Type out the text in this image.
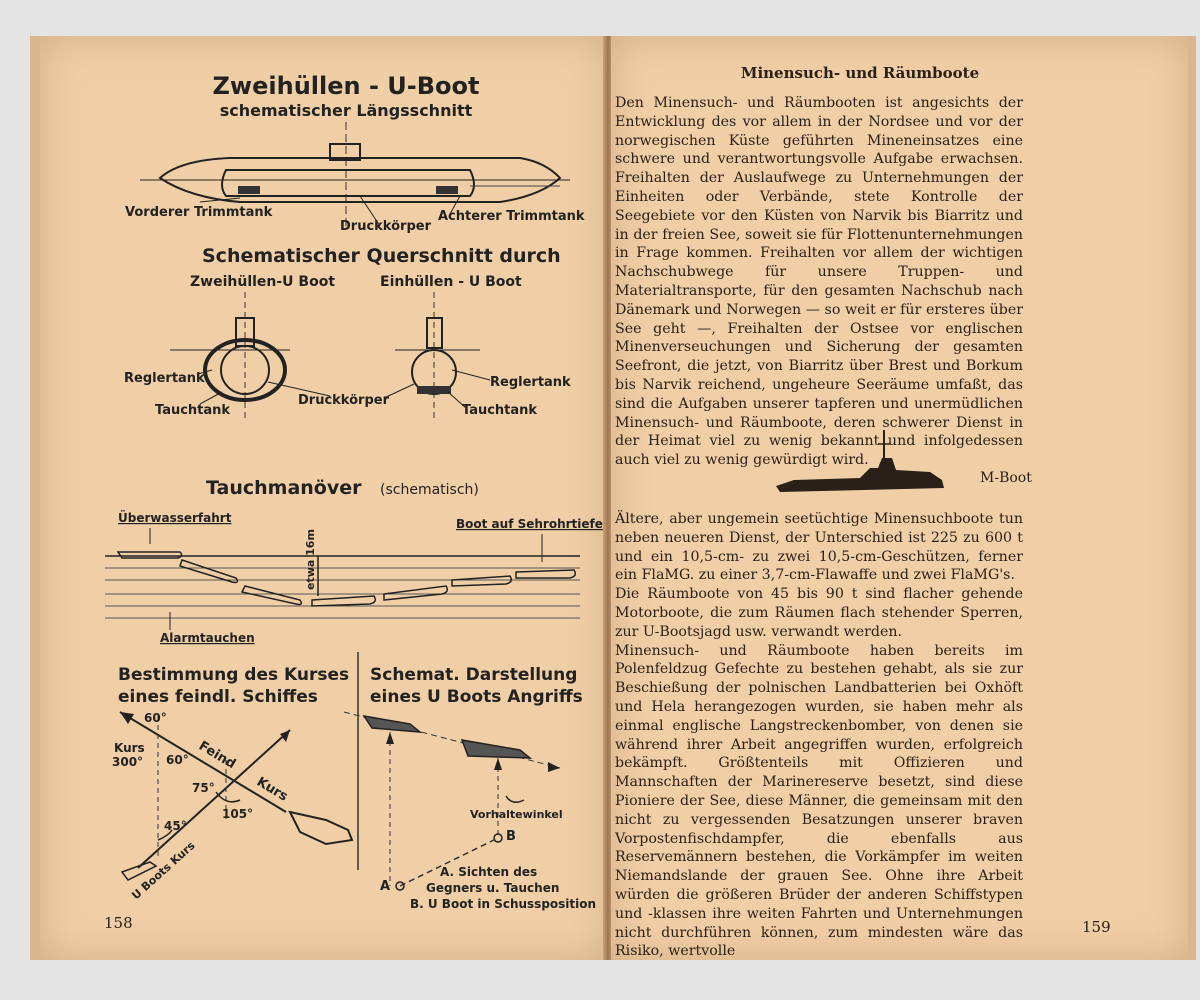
Zweihüllen - U-Boot
schematischer Längsschnitt
Vorderer Trimmtank
Druckkörper
Achterer Trimmtank
Schematischer Querschnitt durch
Zweihüllen-U Boot	Einhüllen - U Boot
Reglertank
Tauchtank
Druckkörper
Reglertank
Tauchtank
Tauchmanöver (schematisch)
Überwasserfahrt	Boot auf Sehrohrtiefe
etwa 16m
Alarmtauchen
Bestimmung des Kurses
eines feindl. Schiffes
60°
Kurs
300° 60° Feind
75°	Kurs
105°
45°
U Boots Kurs
Schemat. Darstellung
eines U Boots Angriffs
Vorhaltewinkel
B
A. Sichten des
Gegners u. Tauchen
A
B. U Boot in Schussposition
158
Minensuch- und Räumboote

Den Minensuch- und Räumbooten ist angesichts der Entwicklung des vor allem in der Nordsee und vor der norwegischen Küste geführten Mineneinsatzes eine schwere und verantwortungsvolle Aufgabe erwachsen. Freihalten der Auslaufwege zu Unternehmungen der Einheiten oder Verbände, stete Kontrolle der Seegebiete vor den Küsten von Narvik bis Biarritz und in der freien See, soweit sie für Flottenunternehmungen in Frage kommen. Freihalten vor allem der wichtigen Nachschubwege für unsere Truppen- und Materialtransporte, für den gesamten Nachschub nach Dänemark und Norwegen — so weit er für ersteres über See geht —, Freihalten der Ostsee vor englischen Minenverseuchungen und Sicherung der gesamten Seefront, die jetzt, von Biarritz über Brest und Borkum bis Narvik reichend, ungeheure Seeräume umfaßt, das sind die Aufgaben unserer tapferen und unermüdlichen Minensuch- und Räumboote, deren schwerer Dienst in der Heimat viel zu wenig bekannt und infolgedessen auch viel zu wenig gewürdigt wird.

M-Boot

Ältere, aber ungemein seetüchtige Minensuchboote tun neben neueren Dienst, der Unterschied ist 225 zu 600 t und ein 10,5-cm- zu zwei 10,5-cm-Geschützen, ferner ein FlaMG. zu einer 3,7-cm-Flawaffe und zwei FlaMG's.

Die Räumboote von 45 bis 90 t sind flacher gehende Motorboote, die zum Räumen flach stehender Sperren, zur U-Bootsjagd usw. verwandt werden.

Minensuch- und Räumboote haben bereits im Polenfeldzug Gefechte zu bestehen gehabt, als sie zur Beschießung der polnischen Landbatterien bei Oxhöft und Hela herangezogen wurden, sie haben mehr als einmal englische Langstreckenbomber, von denen sie während ihrer Arbeit angegriffen wurden, erfolgreich bekämpft. Größtenteils mit Offizieren und Mannschaften der Marinereserve besetzt, sind diese Pioniere der See, diese Männer, die gemeinsam mit den nicht zu vergessenden Besatzungen unserer braven Vorpostenfischdampfer, die ebenfalls aus Reservemännern bestehen, die Vorkämpfer im weiten Niemandslande der grauen See. Ohne ihre Arbeit würden die größeren Brüder der anderen Schiffstypen und -klassen ihre weiten Fahrten und Unternehmungen nicht durchführen können, zum mindesten wäre das Risiko, wertvolle

159
